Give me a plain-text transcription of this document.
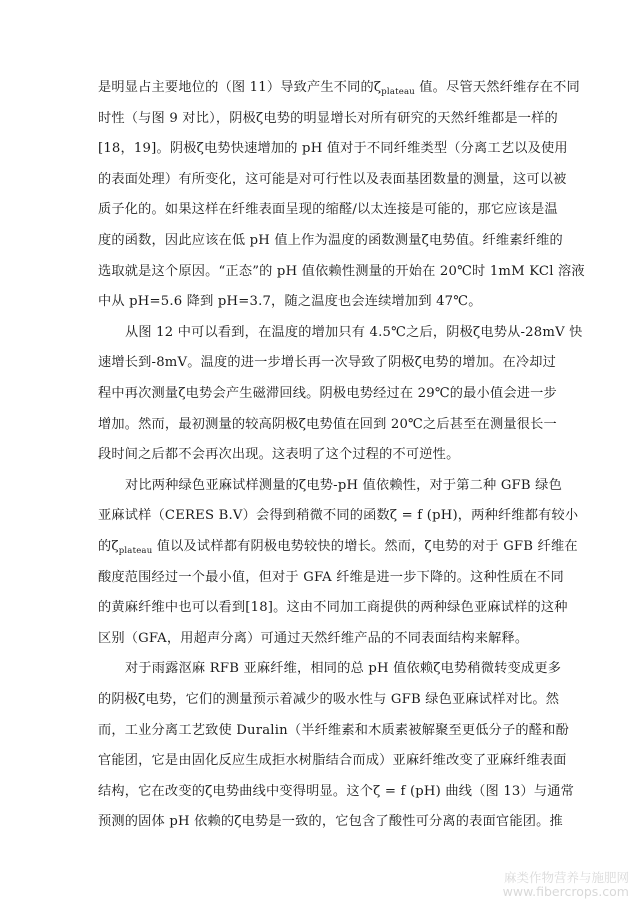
是明显占主要地位的（图 11）导致产生不同的$\zeta_{plateau}$ 值。尽管天然纤维存在不同
时性（与图 9 对比），阴极ζ电势的明显增长对所有研究的天然纤维都是一样的
[18，19]。阴极ζ电势快速增加的 pH 值对于不同纤维类型（分离工艺以及使用
的表面处理）有所变化，这可能是对可行性以及表面基团数量的测量，这可以被
质子化的。如果这样在纤维表面呈现的缩醛/以太连接是可能的，那它应该是温
度的函数，因此应该在低 pH 值上作为温度的函数测量ζ电势值。纤维素纤维的
选取就是这个原因。“正态”的 pH 值依赖性测量的开始在 20℃时 1mM KCl 溶液
中从 pH=5.6 降到 pH=3.7，随之温度也会连续增加到 47℃。
从图 12 中可以看到，在温度的增加只有 4.5℃之后，阴极ζ电势从-28mV 快
速增长到-8mV。温度的进一步增长再一次导致了阴极ζ电势的增加。在冷却过
程中再次测量ζ电势会产生磁滞回线。阴极电势经过在 29℃的最小值会进一步
增加。然而，最初测量的较高阴极ζ电势值在回到 20℃之后甚至在测量很长一
段时间之后都不会再次出现。这表明了这个过程的不可逆性。
对比两种绿色亚麻试样测量的ζ电势-pH 值依赖性，对于第二种 GFB 绿色
亚麻试样（CERES B.V）会得到稍微不同的函数ζ = f (pH)，两种纤维都有较小
的$\zeta_{plateau}$ 值以及试样都有阴极电势较快的增长。然而，ζ电势的对于 GFB 纤维在
酸度范围经过一个最小值，但对于 GFA 纤维是进一步下降的。这种性质在不同
的黄麻纤维中也可以看到[18]。这由不同加工商提供的两种绿色亚麻试样的这种
区别（GFA，用超声分离）可通过天然纤维产品的不同表面结构来解释。
对于雨露沤麻 RFB 亚麻纤维，相同的总 pH 值依赖ζ电势稍微转变成更多
的阴极ζ电势，它们的测量预示着减少的吸水性与 GFB 绿色亚麻试样对比。然
而，工业分离工艺致使 Duralin（半纤维素和木质素被解聚至更低分子的醛和酚
官能团，它是由固化反应生成拒水树脂结合而成）亚麻纤维改变了亚麻纤维表面
结构，它在改变的ζ电势曲线中变得明显。这个ζ = f (pH) 曲线（图 13）与通常
预测的固体 pH 依赖的ζ电势是一致的，它包含了酸性可分离的表面官能团。推
麻类作物营养与施肥网
www.fibercrops.com
